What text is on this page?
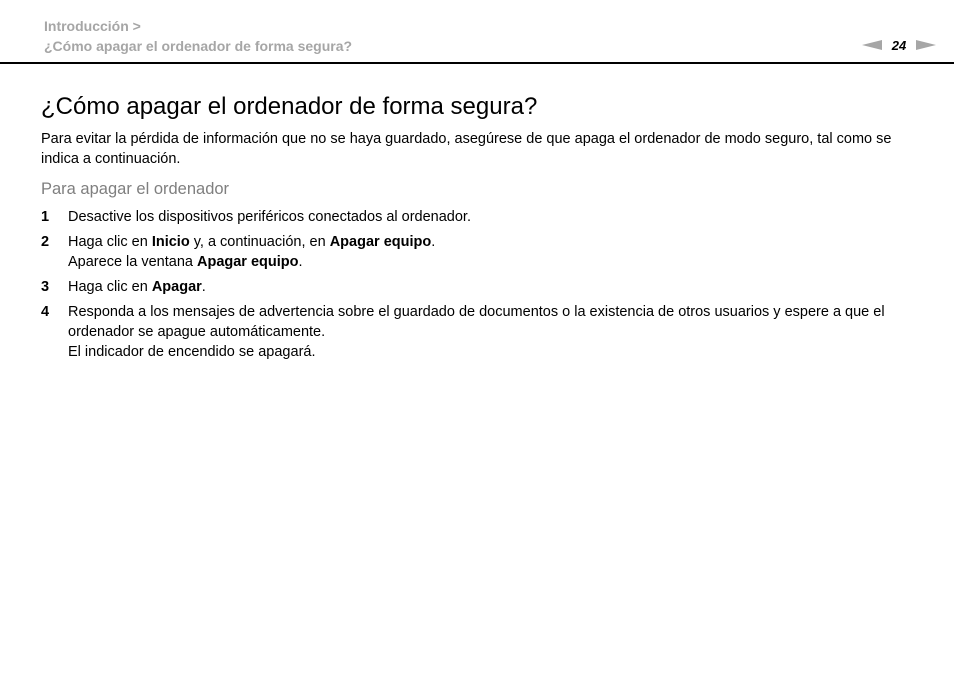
Introducción >
¿Cómo apagar el ordenador de forma segura?	24
¿Cómo apagar el ordenador de forma segura?

Para evitar la pérdida de información que no se haya guardado, asegúrese de que apaga el ordenador de modo seguro, tal como se indica a continuación.

Para apagar el ordenador
1 Desactive los dispositivos periféricos conectados al ordenador.
2 Haga clic en Inicio y, a continuación, en Apagar equipo.
Aparece la ventana Apagar equipo.
3 Haga clic en Apagar.
4 Responda a los mensajes de advertencia sobre el guardado de documentos o la existencia de otros usuarios y espere a que el ordenador se apague automáticamente.
El indicador de encendido se apagará.
